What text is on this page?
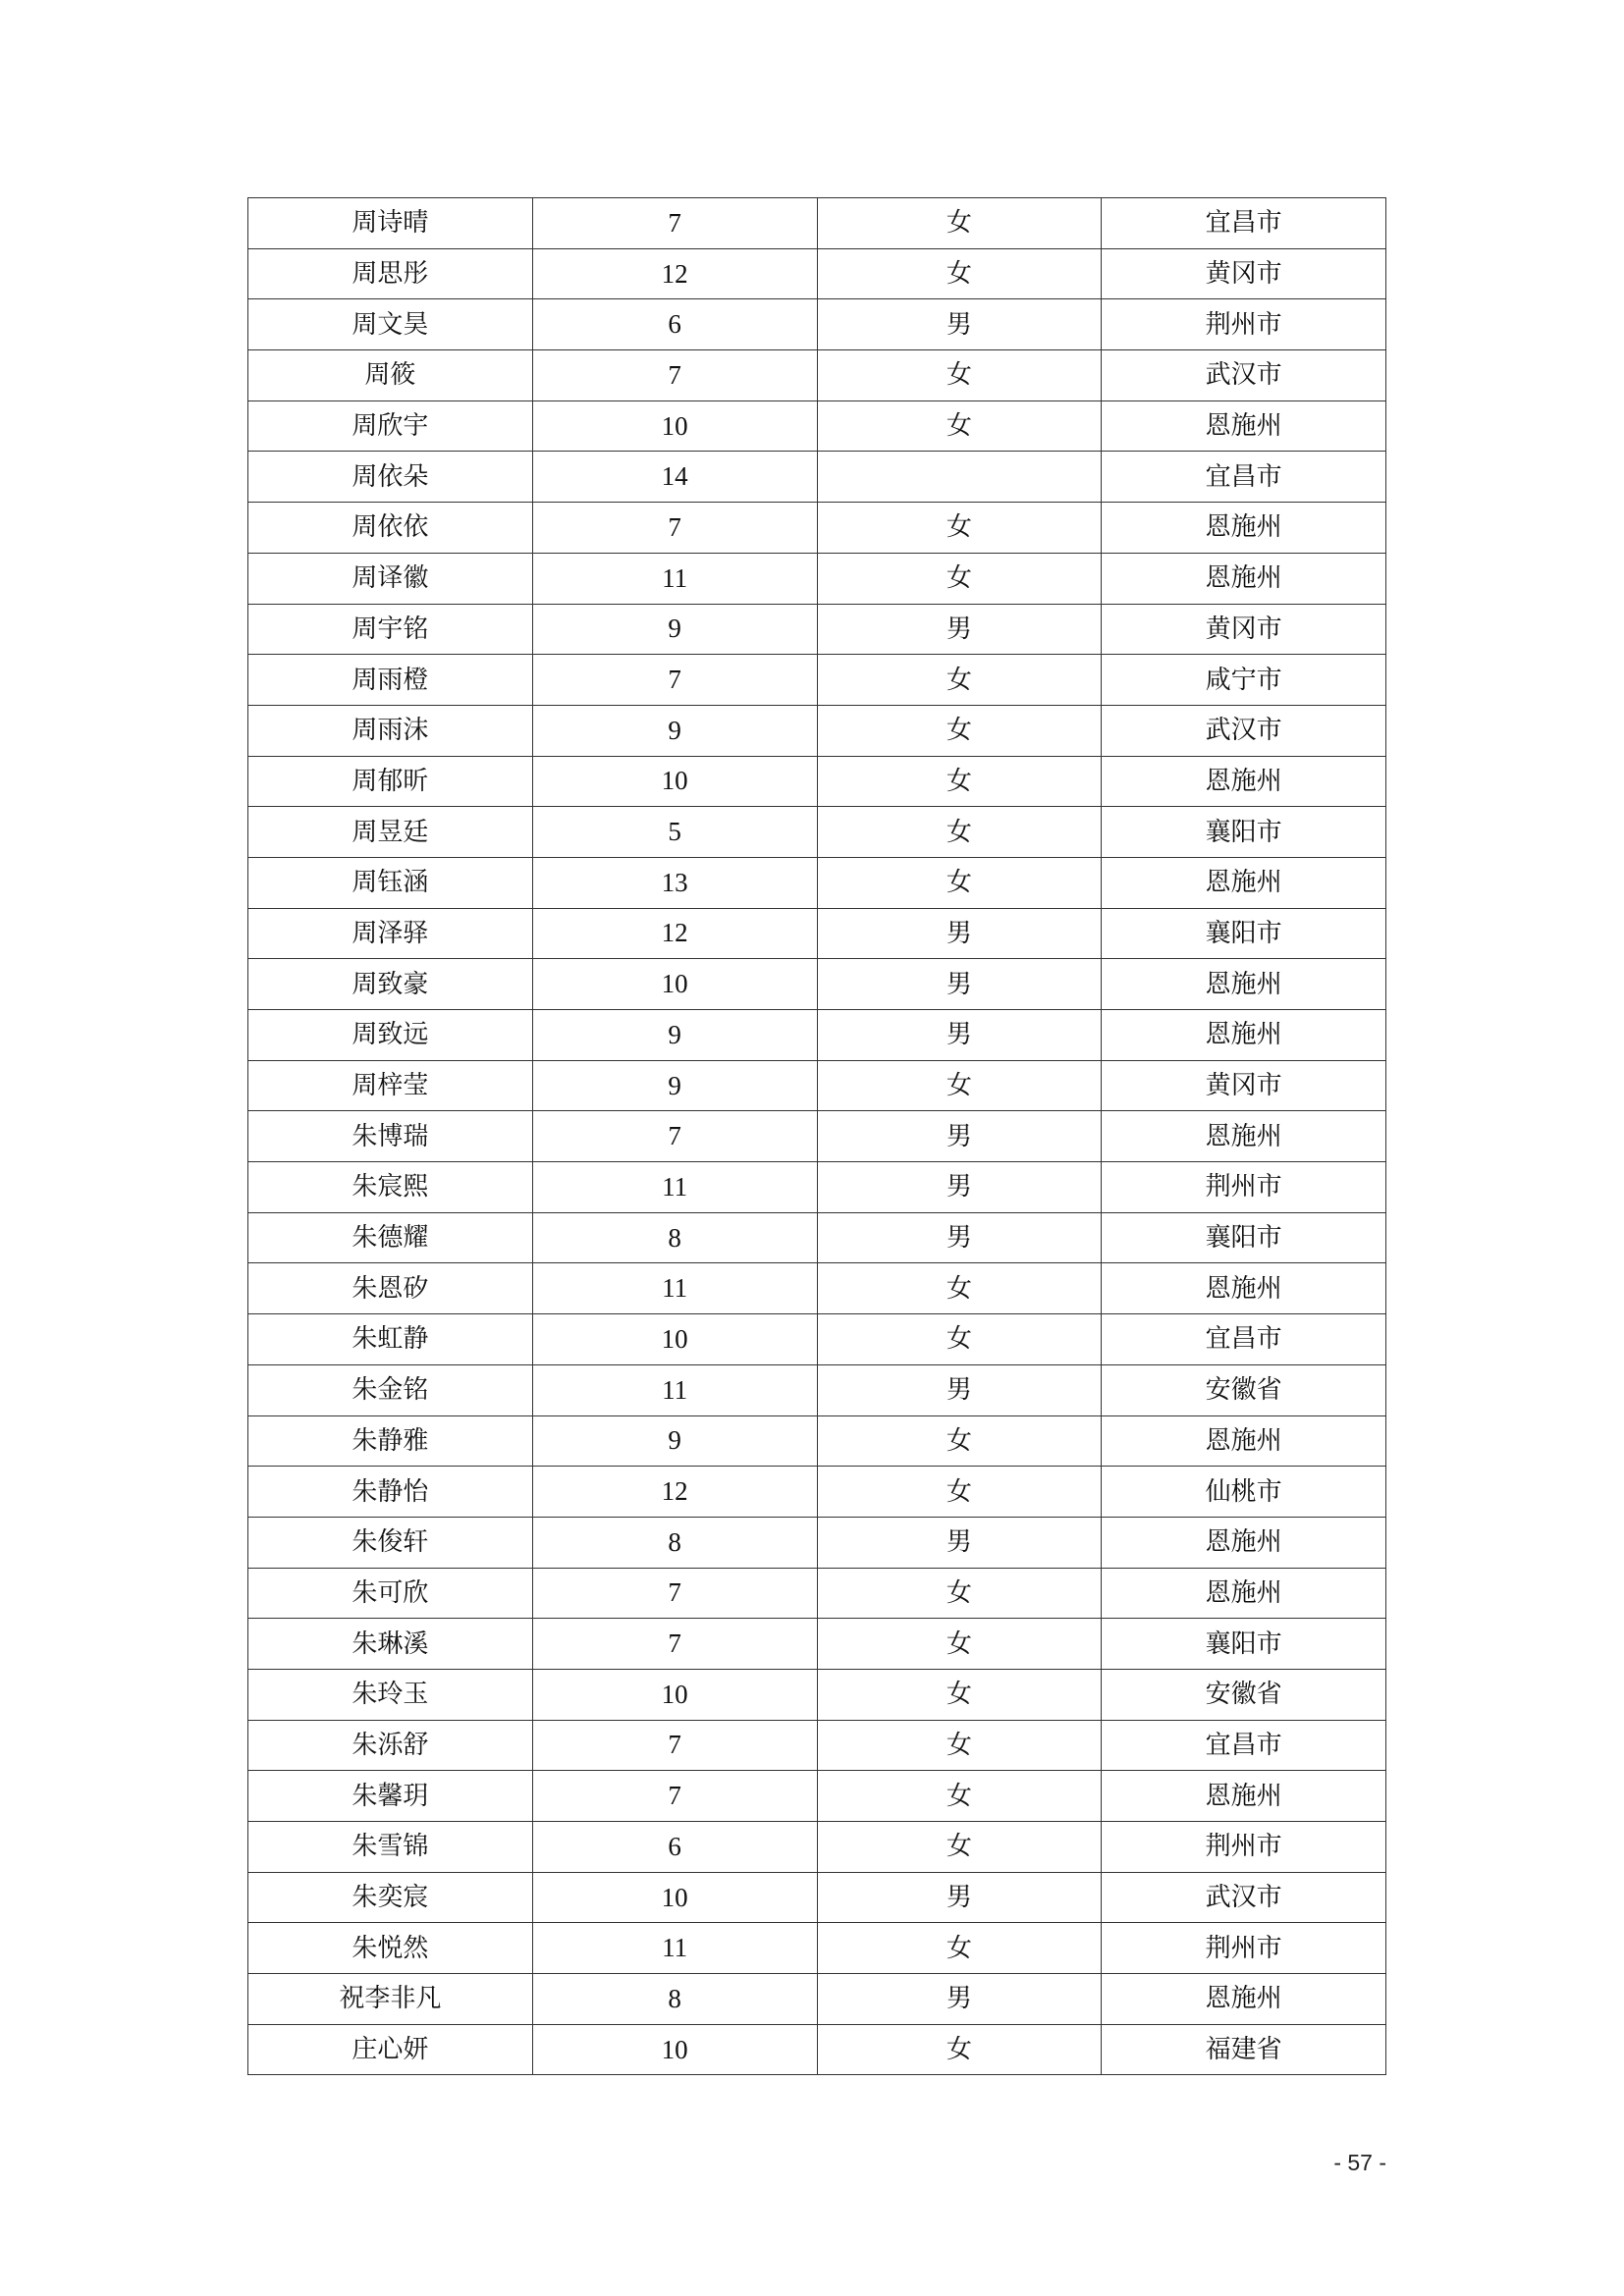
周诗晴	7	女	宜昌市
周思彤	12	女	黄冈市
周文昊	6	男	荆州市
周筱	7	女	武汉市
周欣宇	10	女	恩施州
周依朵	14		宜昌市
周依依	7	女	恩施州
周译徽	11	女	恩施州
周宇铭	9	男	黄冈市
周雨橙	7	女	咸宁市
周雨沫	9	女	武汉市
周郁昕	10	女	恩施州
周昱廷	5	女	襄阳市
周钰涵	13	女	恩施州
周泽驿	12	男	襄阳市
周致豪	10	男	恩施州
周致远	9	男	恩施州
周梓莹	9	女	黄冈市
朱博瑞	7	男	恩施州
朱宸熙	11	男	荆州市
朱德耀	8	男	襄阳市
朱恩矽	11	女	恩施州
朱虹静	10	女	宜昌市
朱金铭	11	男	安徽省
朱静雅	9	女	恩施州
朱静怡	12	女	仙桃市
朱俊轩	8	男	恩施州
朱可欣	7	女	恩施州
朱琳溪	7	女	襄阳市
朱玲玉	10	女	安徽省
朱泺舒	7	女	宜昌市
朱馨玥	7	女	恩施州
朱雪锦	6	女	荆州市
朱奕宸	10	男	武汉市
朱悦然	11	女	荆州市
祝李非凡	8	男	恩施州
庄心妍	10	女	福建省
- 57 -
